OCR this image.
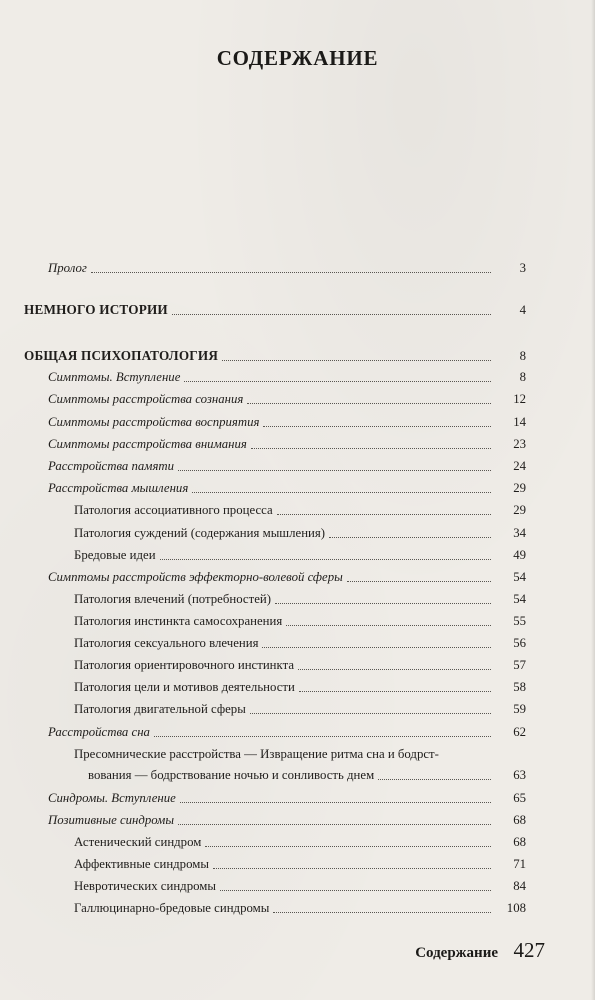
СОДЕРЖАНИЕ
Пролог	3
НЕМНОГО ИСТОРИИ	4
ОБЩАЯ ПСИХОПАТОЛОГИЯ	8
Симптомы. Вступление	8
Симптомы расстройства сознания	12
Симптомы расстройства восприятия	14
Симптомы расстройства внимания	23
Расстройства памяти	24
Расстройства мышления	29
Патология ассоциативного процесса	29
Патология суждений (содержания мышления)	34
Бредовые идеи	49
Симптомы расстройств эффекторно-волевой сферы	54
Патология влечений (потребностей)	54
Патология инстинкта самосохранения	55
Патология сексуального влечения	56
Патология ориентировочного инстинкта	57
Патология цели и мотивов деятельности	58
Патология двигательной сферы	59
Расстройства сна	62
Пресомнические расстройства — Извращение ритма сна и бодрст-
вования — бодрствование ночью и сонливость днем	63
Синдромы. Вступление	65
Позитивные синдромы	68
Астенический синдром	68
Аффективные синдромы	71
Невротическиx синдромы	84
Галлюцинарно-бредовые синдромы	108
Содержание 427
